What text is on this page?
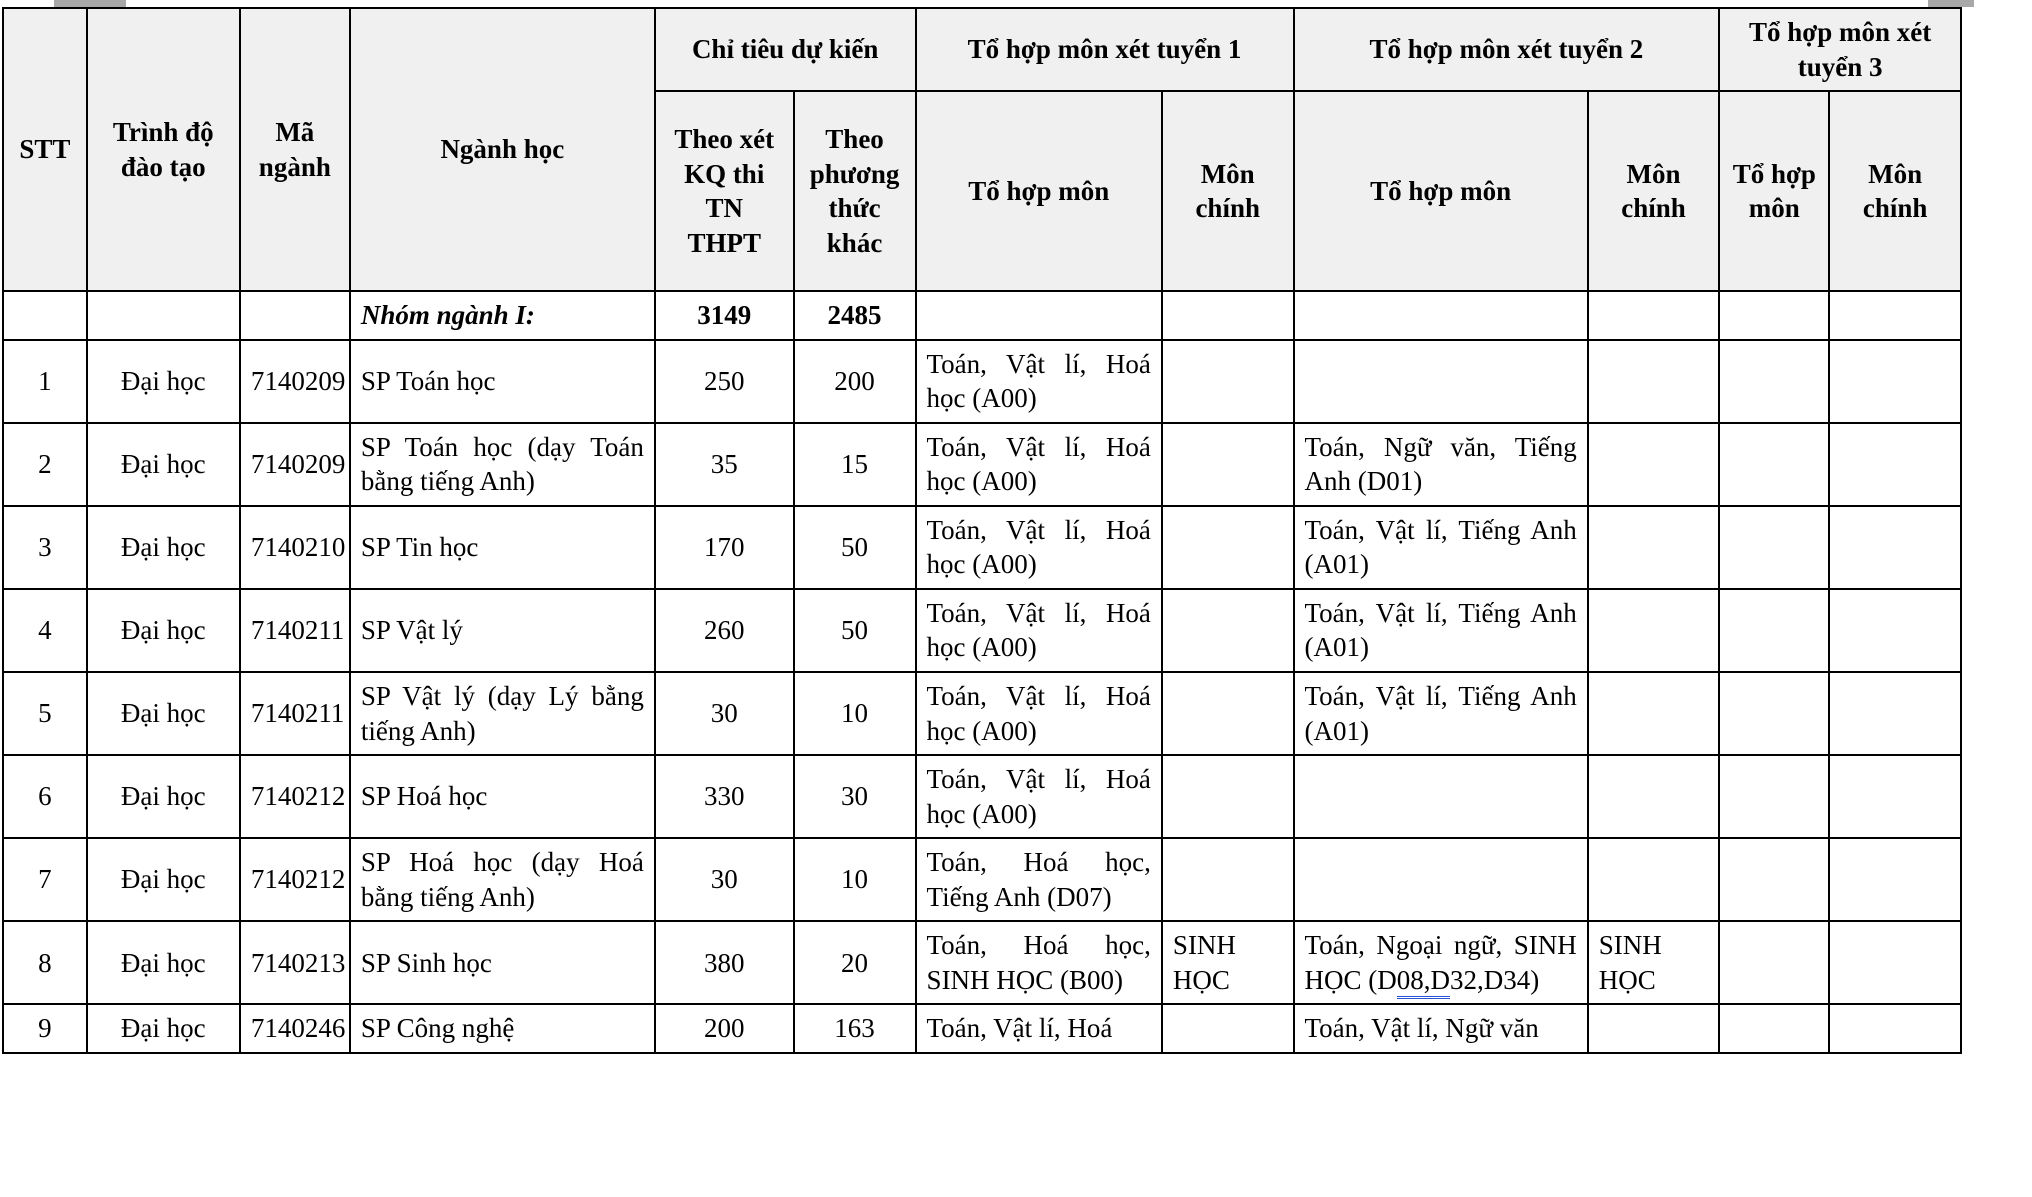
STT	Trình độ đào tạo	Mã ngành	Ngành học	Chỉ tiêu dự kiến		Tổ hợp môn xét tuyển 1		Tổ hợp môn xét tuyển 2		Tổ hợp môn xét tuyển 3	
				Theo xét KQ thi TN THPT	Theo phương thức khác	Tổ hợp môn	Môn chính	Tổ hợp môn	Môn chính	Tổ hợp môn	Môn chính
			Nhóm ngành I:	3149	2485						
1	Đại học	7140209	SP Toán học	250	200	Toán, Vật lí, Hoá học (A00)					
2	Đại học	7140209	SP Toán học (dạy Toán bằng tiếng Anh)	35	15	Toán, Vật lí, Hoá học (A00)		Toán, Ngữ văn, Tiếng Anh (D01)			
3	Đại học	7140210	SP Tin học	170	50	Toán, Vật lí, Hoá học (A00)		Toán, Vật lí, Tiếng Anh (A01)			
4	Đại học	7140211	SP Vật lý	260	50	Toán, Vật lí, Hoá học (A00)		Toán, Vật lí, Tiếng Anh (A01)			
5	Đại học	7140211	SP Vật lý (dạy Lý bằng tiếng Anh)	30	10	Toán, Vật lí, Hoá học (A00)		Toán, Vật lí, Tiếng Anh (A01)			
6	Đại học	7140212	SP Hoá học	330	30	Toán, Vật lí, Hoá học (A00)					
7	Đại học	7140212	SP Hoá học (dạy Hoá bằng tiếng Anh)	30	10	Toán, Hoá học, Tiếng Anh (D07)					
8	Đại học	7140213	SP Sinh học	380	20	Toán, Hoá học, SINH HỌC (B00)	SINH HỌC	Toán, Ngoại ngữ, SINH HỌC (D08,D32,D34)	SINH HỌC		
9	Đại học	7140246	SP Công nghệ	200	163	Toán, Vật lí, Hoá		Toán, Vật lí, Ngữ văn			
